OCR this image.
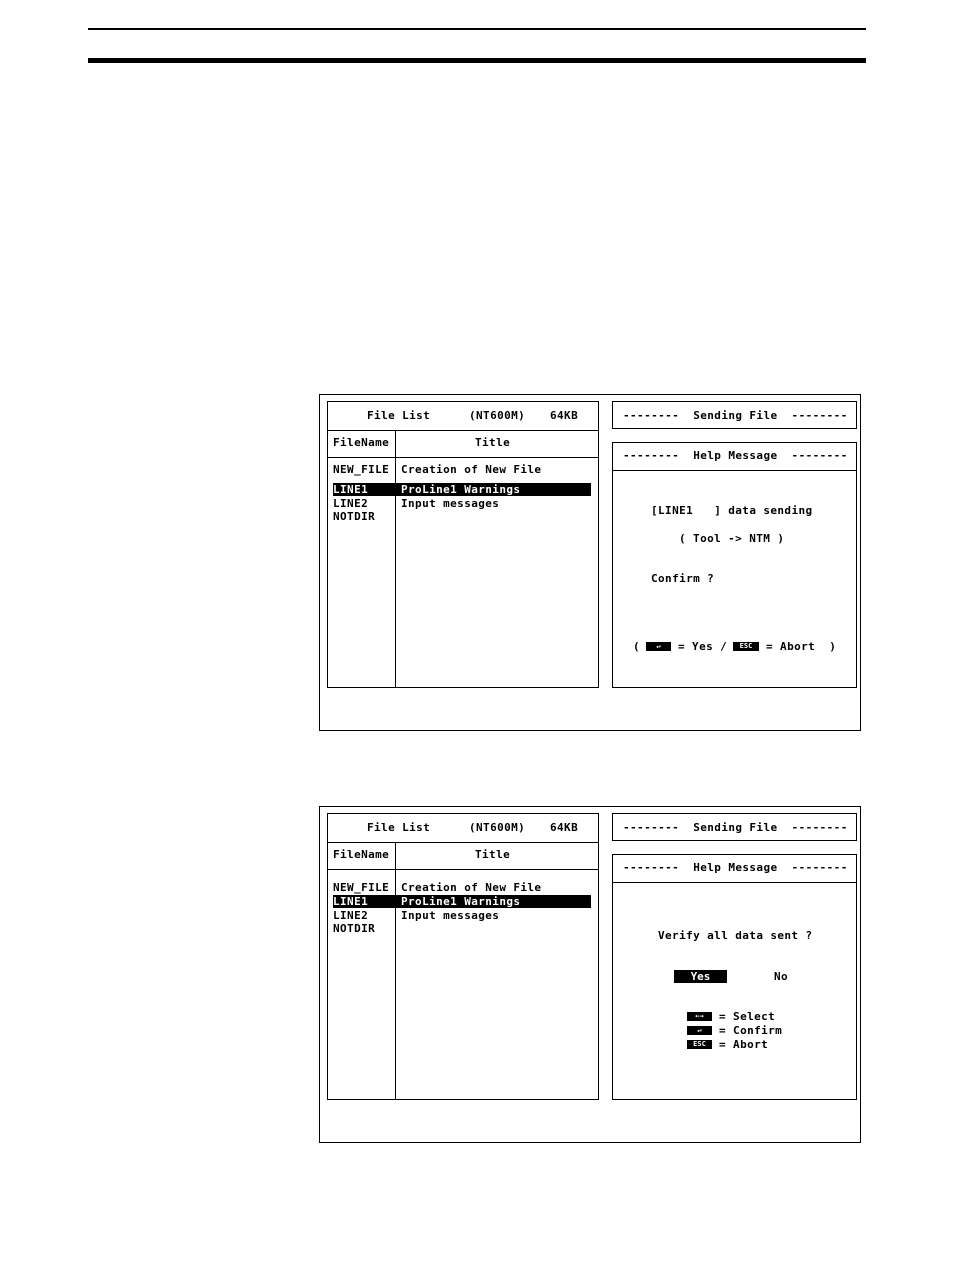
File List	(NT600M) 64KB
FileName	Title
NEW_FILE Creation of New File
LINE1	ProLine1 Warnings
LINE2	Input messages
NOTDIR
--------  Sending File  --------
--------  Help Message  --------
[LINE1   ] data sending
( Tool -> NTM )
Confirm ?
(	↵	= Yes /	ESC	= Abort  )
File List	(NT600M) 64KB
FileName	Title
NEW_FILE Creation of New File
LINE1	ProLine1 Warnings
LINE2	Input messages
NOTDIR
--------  Sending File  --------
--------  Help Message  --------
Verify all data sent ?
Yes	No
←→	= Select
↵	= Confirm
ESC	= Abort
